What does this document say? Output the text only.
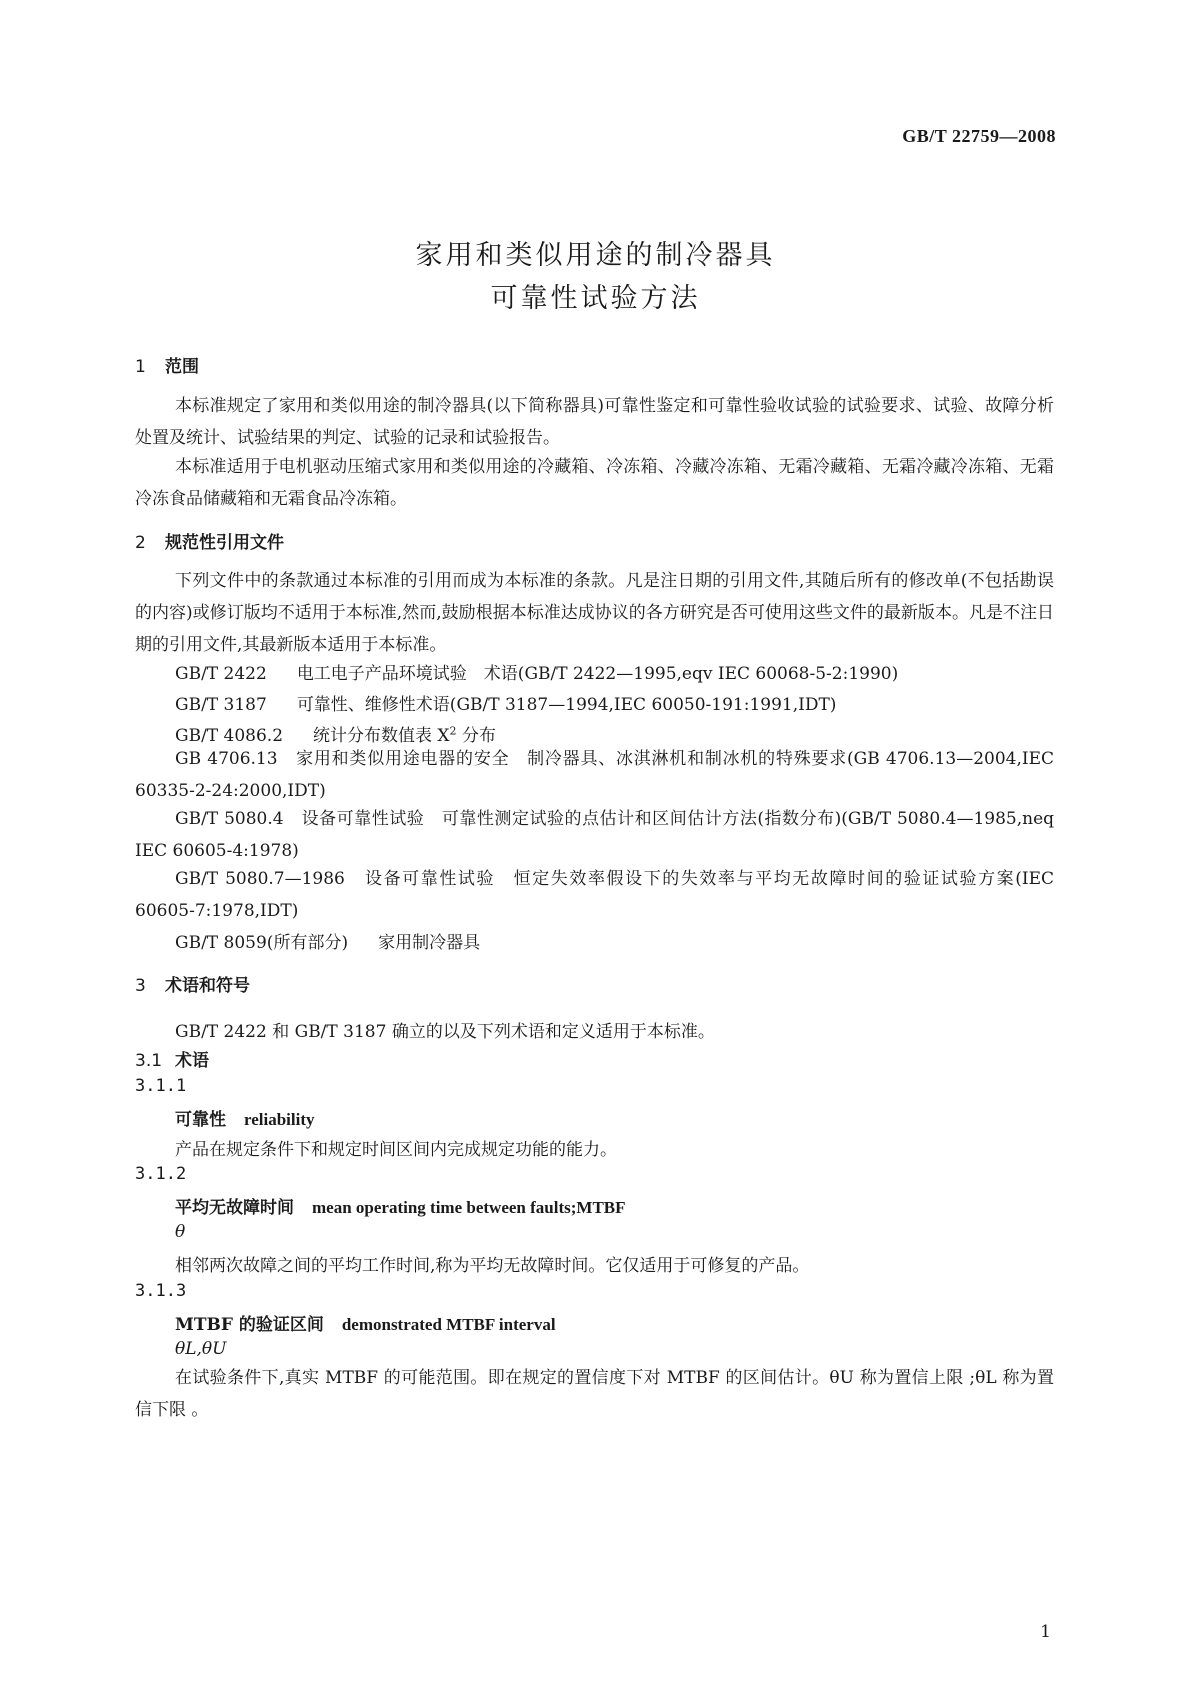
GB/T 22759—2008
家用和类似用途的制冷器具
可靠性试验方法
1 范围
本标准规定了家用和类似用途的制冷器具(以下简称器具)可靠性鉴定和可靠性验收试验的试验要求、试验、故障分析处置及统计、试验结果的判定、试验的记录和试验报告。
本标准适用于电机驱动压缩式家用和类似用途的冷藏箱、冷冻箱、冷藏冷冻箱、无霜冷藏箱、无霜冷藏冷冻箱、无霜冷冻食品储藏箱和无霜食品冷冻箱。
2 规范性引用文件
下列文件中的条款通过本标准的引用而成为本标准的条款。凡是注日期的引用文件,其随后所有的修改单(不包括勘误的内容)或修订版均不适用于本标准,然而,鼓励根据本标准达成协议的各方研究是否可使用这些文件的最新版本。凡是不注日期的引用文件,其最新版本适用于本标准。
GB/T 2422 电工电子产品环境试验　术语(GB/T 2422—1995,eqv IEC 60068-5-2:1990)
GB/T 3187 可靠性、维修性术语(GB/T 3187—1994,IEC 60050-191:1991,IDT)
GB/T 4086.2 统计分布数值表 $X^2$ 分布
GB 4706.13　 家用和类似用途电器的安全　制冷器具、冰淇淋机和制冰机的特殊要求(GB 4706.13—2004,IEC 60335-2-24:2000,IDT)
GB/T 5080.4　 设备可靠性试验　可靠性测定试验的点估计和区间估计方法(指数分布)(GB/T 5080.4—1985,neq IEC 60605-4:1978)
GB/T 5080.7—1986　 设备可靠性试验　恒定失效率假设下的失效率与平均无故障时间的验证试验方案(IEC 60605-7:1978,IDT)
GB/T 8059(所有部分) 家用制冷器具
3 术语和符号
GB/T 2422 和 GB/T 3187 确立的以及下列术语和定义适用于本标准。
3.1 术语
3.1.1
可靠性 reliability
产品在规定条件下和规定时间区间内完成规定功能的能力。
3.1.2
平均无故障时间 mean operating time between faults;MTBF
θ
相邻两次故障之间的平均工作时间,称为平均无故障时间。它仅适用于可修复的产品。
3.1.3
MTBF 的验证区间 demonstrated MTBF interval
θL,θU
在试验条件下,真实 MTBF 的可能范围。即在规定的置信度下对 MTBF 的区间估计。θU 称为置信上限 ;θL 称为置信下限 。
1
